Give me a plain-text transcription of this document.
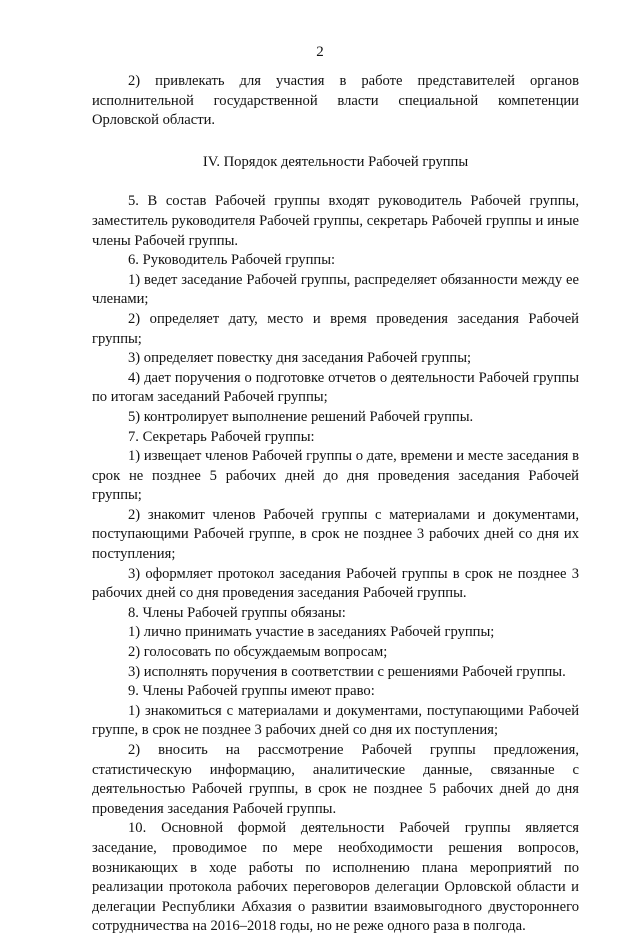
2

2) привлекать для участия в работе представителей органов исполнительной государственной власти специальной компетенции Орловской области.

IV. Порядок деятельности Рабочей группы

5. В состав Рабочей группы входят руководитель Рабочей группы, заместитель руководителя Рабочей группы, секретарь Рабочей группы и иные члены Рабочей группы.

6. Руководитель Рабочей группы:

1) ведет заседание Рабочей группы, распределяет обязанности между ее членами;

2) определяет дату, место и время проведения заседания Рабочей группы;

3) определяет повестку дня заседания Рабочей группы;

4) дает поручения о подготовке отчетов о деятельности Рабочей группы по итогам заседаний Рабочей группы;

5) контролирует выполнение решений Рабочей группы.

7. Секретарь Рабочей группы:

1) извещает членов Рабочей группы о дате, времени и месте заседания в срок не позднее 5 рабочих дней до дня проведения заседания Рабочей группы;

2) знакомит членов Рабочей группы с материалами и документами, поступающими Рабочей группе, в срок не позднее 3 рабочих дней со дня их поступления;

3) оформляет протокол заседания Рабочей группы в срок не позднее 3 рабочих дней со дня проведения заседания Рабочей группы.

8. Члены Рабочей группы обязаны:

1) лично принимать участие в заседаниях Рабочей группы;

2) голосовать по обсуждаемым вопросам;

3) исполнять поручения в соответствии с решениями Рабочей группы.

9. Члены Рабочей группы имеют право:

1) знакомиться с материалами и документами, поступающими Рабочей группе, в срок не позднее 3 рабочих дней со дня их поступления;

2) вносить на рассмотрение Рабочей группы предложения, статистическую информацию, аналитические данные, связанные с деятельностью Рабочей группы, в срок не позднее 5 рабочих дней до дня проведения заседания Рабочей группы.

10. Основной формой деятельности Рабочей группы является заседание, проводимое по мере необходимости решения вопросов, возникающих в ходе работы по исполнению плана мероприятий по реализации протокола рабочих переговоров делегации Орловской области и делегации Республики Абхазия о развитии взаимовыгодного двустороннего сотрудничества на 2016–2018 годы, но не реже одного раза в полгода.
